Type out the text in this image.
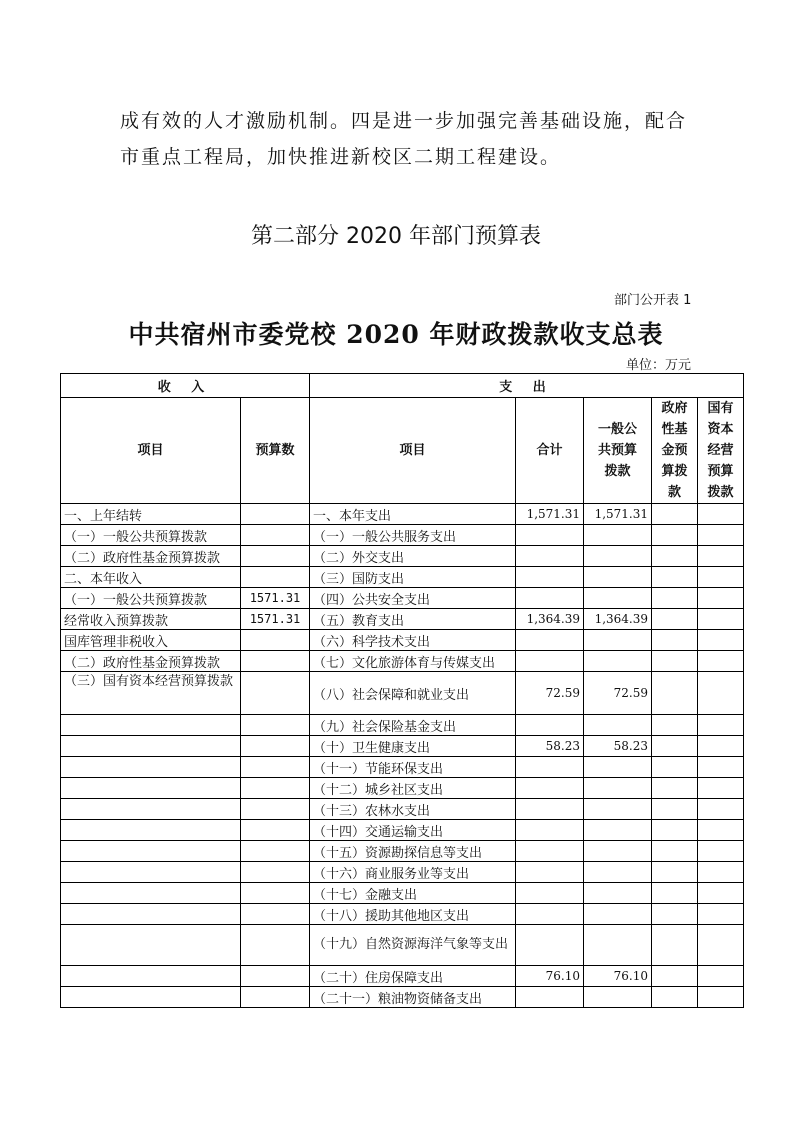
成有效的人才激励机制。四是进一步加强完善基础设施，配合
市重点工程局，加快推进新校区二期工程建设。
第二部分 2020 年部门预算表
部门公开表 1
中共宿州市委党校 2020 年财政拨款收支总表
单位：万元
收 入		支 出				
项目	预算数	项目	合计	一般公共预算拨款	政府性基金预算拨款	国有资本经营预算拨款
一、上年结转		一、本年支出	1,571.31	1,571.31		
（一）一般公共预算拨款		（一）一般公共服务支出				
（二）政府性基金预算拨款		（二）外交支出				
二、本年收入		（三）国防支出				
（一）一般公共预算拨款	1571.31	（四）公共安全支出				
经常收入预算拨款	1571.31	（五）教育支出	1,364.39	1,364.39		
国库管理非税收入		（六）科学技术支出				
（二）政府性基金预算拨款		（七）文化旅游体育与传媒支出				
（三）国有资本经营预算拨款		（八）社会保障和就业支出	72.59	72.59		
		（九）社会保险基金支出				
		（十）卫生健康支出	58.23	58.23		
		（十一）节能环保支出				
		（十二）城乡社区支出				
		（十三）农林水支出				
		（十四）交通运输支出				
		（十五）资源勘探信息等支出				
		（十六）商业服务业等支出				
		（十七）金融支出				
		（十八）援助其他地区支出				
		（十九）自然资源海洋气象等支出				
		（二十）住房保障支出	76.10	76.10		
		（二十一）粮油物资储备支出				
